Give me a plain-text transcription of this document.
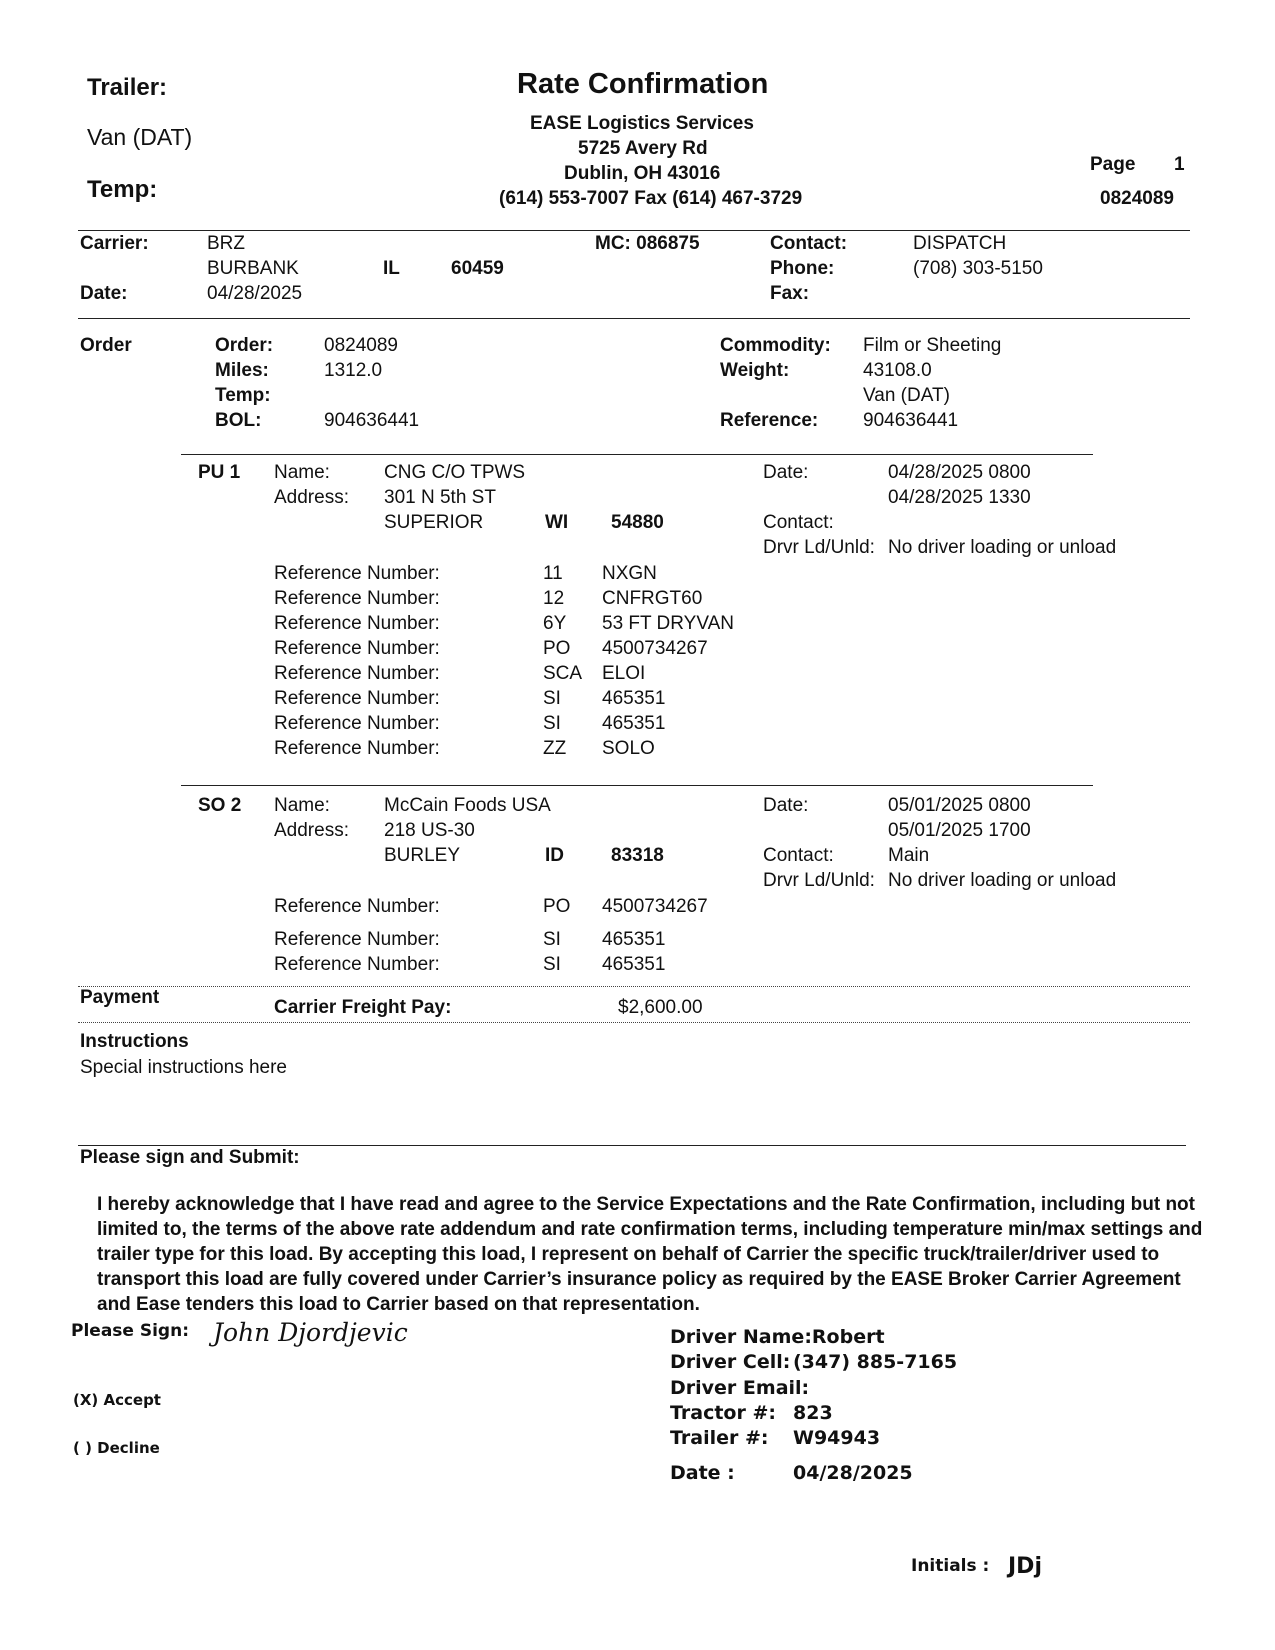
Trailer:
Van (DAT)
Temp:
Rate Confirmation
EASE Logistics Services
5725 Avery Rd
Dublin, OH 43016
(614) 553-7007 Fax (614) 467-3729
Page 1
0824089
Carrier:	BRZ	MC: 086875	Contact:	DISPATCH
BURBANK	IL	60459	Phone:	(708) 303-5150
Date:	04/28/2025	Fax:
Order	Order:	0824089
Miles:	1312.0
Temp:
BOL:	904636441
Commodity: Film or Sheeting
Weight:	43108.0
Van (DAT)
Reference: 904636441
PU 1 Name:	CNG C/O TPWS
Address: 301 N 5th ST
SUPERIOR	WI 54880
Date:	04/28/2025 0800
04/28/2025 1330
Contact:
Drvr Ld/Unld: No driver loading or unload
Reference Number:	11 NXGN
Reference Number:	12 CNFRGT60
Reference Number:	6Y 53 FT DRYVAN
Reference Number:	PO 4500734267
Reference Number:	SCA ELOI
Reference Number:	SI 465351
Reference Number:	SI 465351
Reference Number:	ZZ SOLO
SO 2 Name:	McCain Foods USA
Address: 218 US-30
BURLEY	ID 83318
Date:	05/01/2025 0800
05/01/2025 1700
Contact:	Main
Drvr Ld/Unld: No driver loading or unload
Reference Number:	PO 4500734267
Reference Number:	SI 465351
Reference Number:	SI 465351
Payment	Carrier Freight Pay:	$2,600.00
Instructions
Special instructions here
Please sign and Submit:
I hereby acknowledge that I have read and agree to the Service Expectations and the Rate Confirmation, including but not limited to, the terms of the above rate addendum and rate confirmation terms, including temperature min/max settings and trailer type for this load. By accepting this load, I represent on behalf of Carrier the specific truck/trailer/driver used to transport this load are fully covered under Carrier’s insurance policy as required by the EASE Broker Carrier Agreement and Ease tenders this load to Carrier based on that representation.
Please Sign: John Djordjevic
(X) Accept
( ) Decline
Driver Name:Robert
Driver Cell: (347) 885-7165
Driver Email:
Tractor #: 823
Trailer #: W94943
Date :	04/28/2025
Initials : JDj
